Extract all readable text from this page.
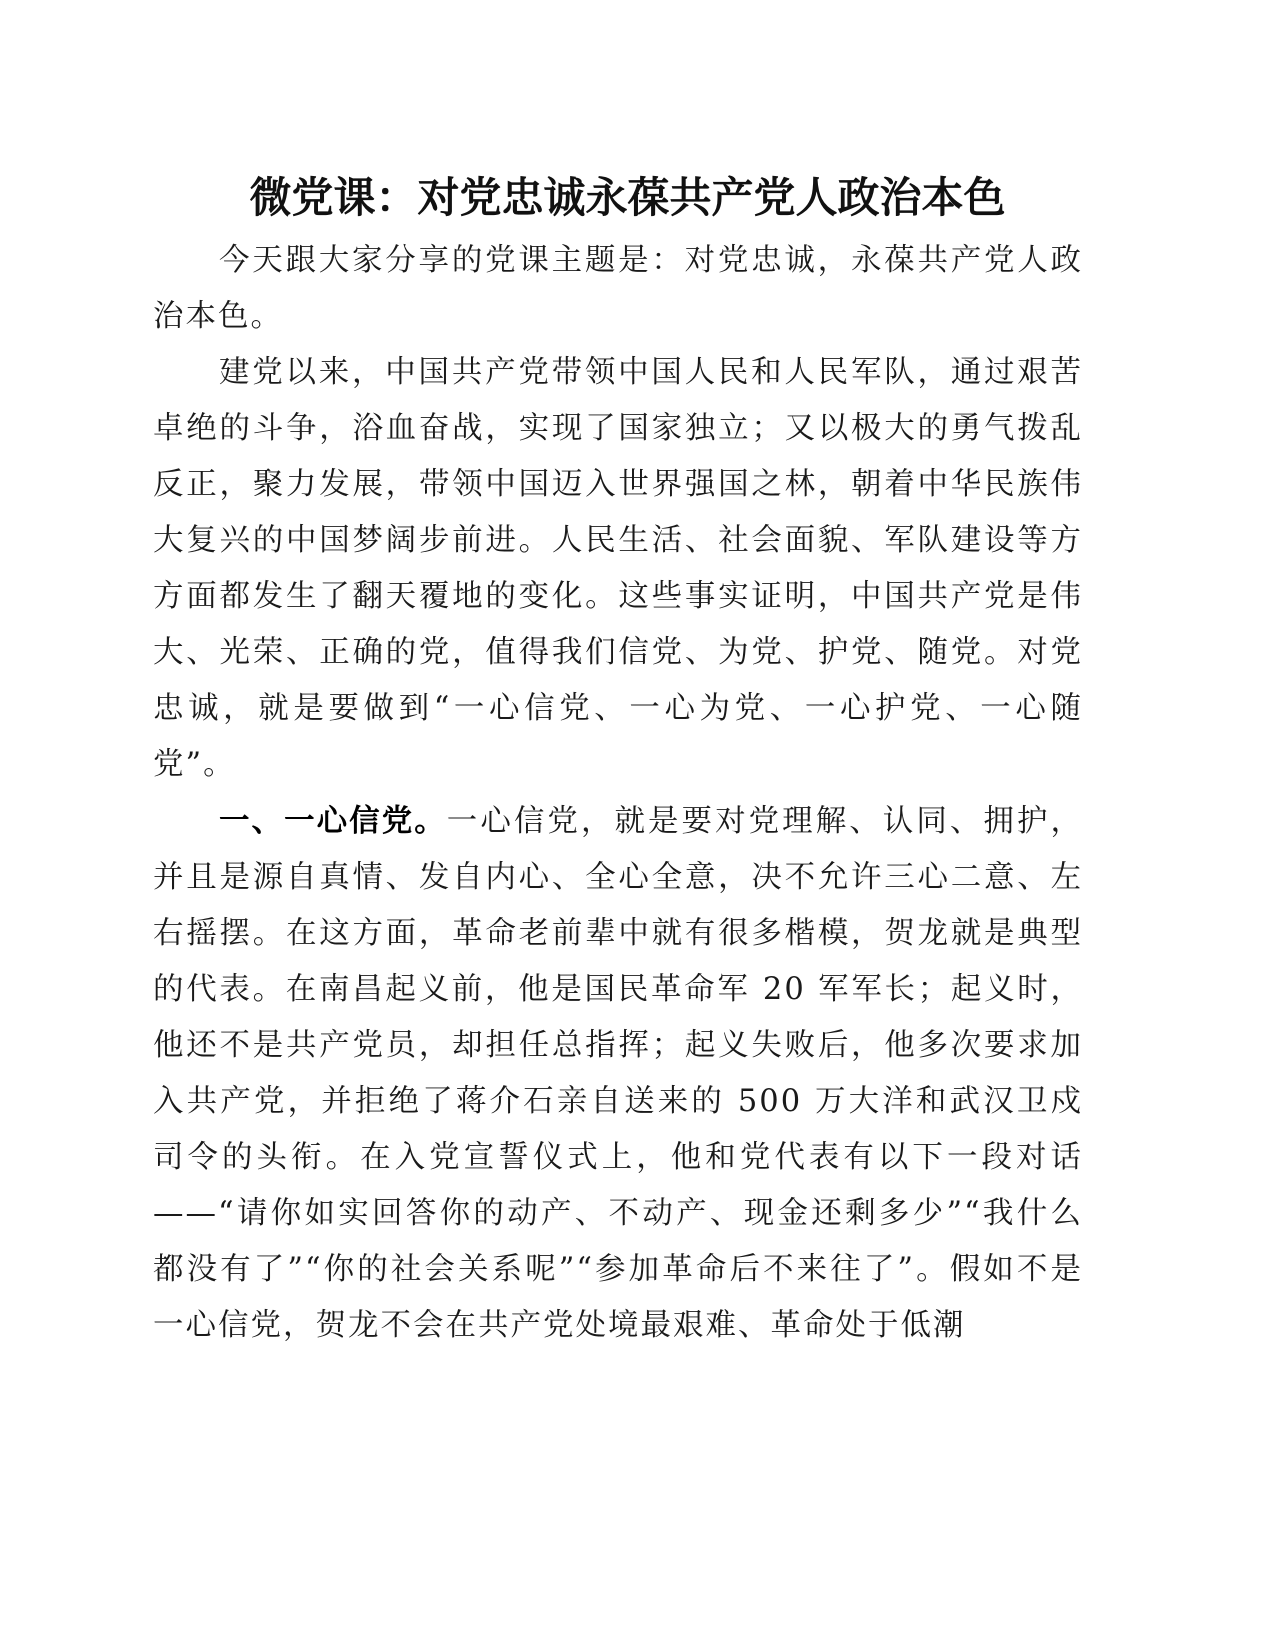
微党课：对党忠诚永葆共产党人政治本色

今天跟大家分享的党课主题是：对党忠诚，永葆共产党人政治本色。

建党以来，中国共产党带领中国人民和人民军队，通过艰苦卓绝的斗争，浴血奋战，实现了国家独立；又以极大的勇气拨乱反正，聚力发展，带领中国迈入世界强国之林，朝着中华民族伟大复兴的中国梦阔步前进。人民生活、社会面貌、军队建设等方方面都发生了翻天覆地的变化。这些事实证明，中国共产党是伟大、光荣、正确的党，值得我们信党、为党、护党、随党。对党忠诚，就是要做到“一心信党、一心为党、一心护党、一心随党”。

一、一心信党。一心信党，就是要对党理解、认同、拥护，并且是源自真情、发自内心、全心全意，决不允许三心二意、左右摇摆。在这方面，革命老前辈中就有很多楷模，贺龙就是典型的代表。在南昌起义前，他是国民革命军 20 军军长；起义时，他还不是共产党员，却担任总指挥；起义失败后，他多次要求加入共产党，并拒绝了蒋介石亲自送来的 500 万大洋和武汉卫戍司令的头衔。在入党宣誓仪式上，他和党代表有以下一段对话——“请你如实回答你的动产、不动产、现金还剩多少”“我什么都没有了”“你的社会关系呢”“参加革命后不来往了”。假如不是一心信党，贺龙不会在共产党处境最艰难、革命处于低潮
